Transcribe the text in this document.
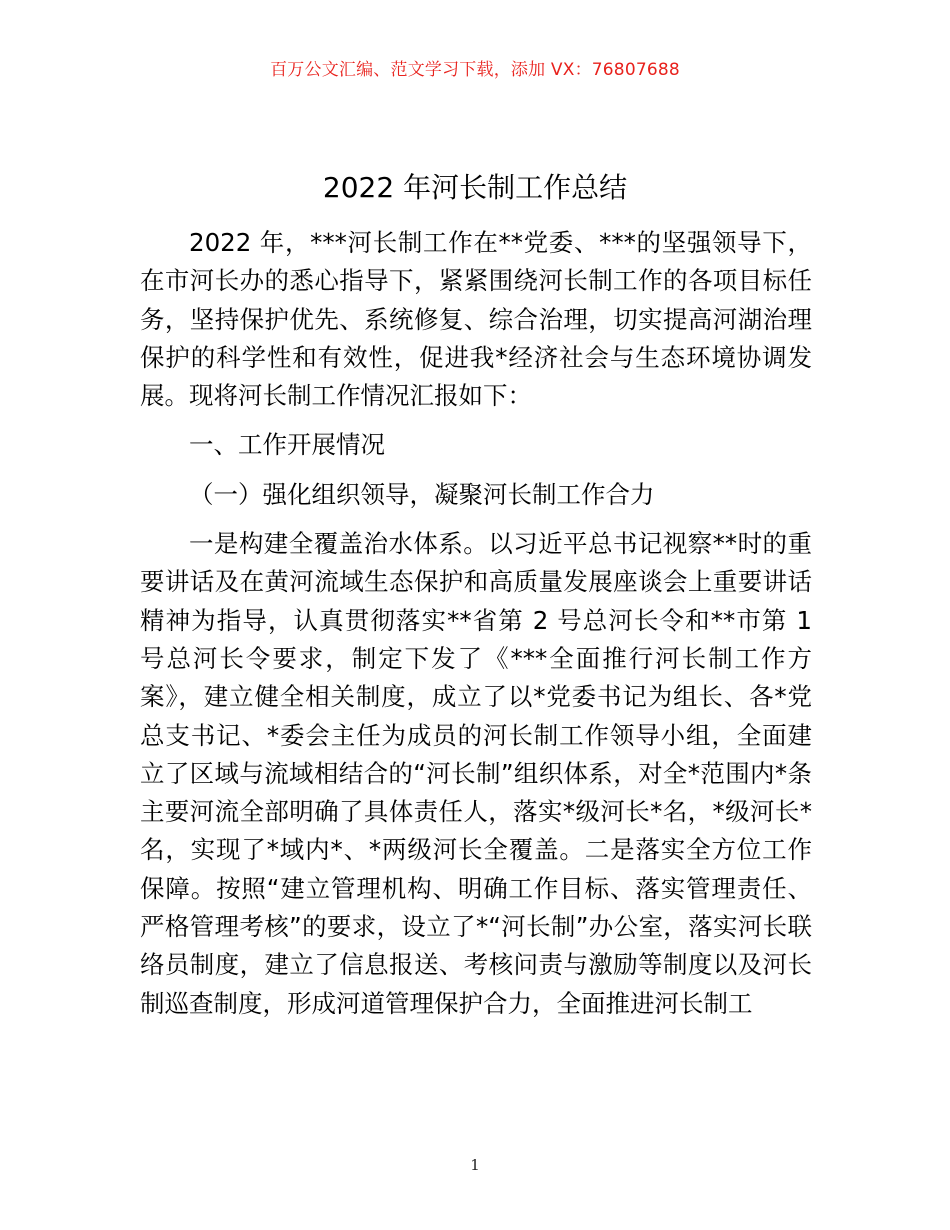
百万公文汇编、范文学习下载，添加 VX：76807688
2022 年河长制工作总结

2022 年，***河长制工作在**党委、***的坚强领导下，在市河长办的悉心指导下，紧紧围绕河长制工作的各项目标任务，坚持保护优先、系统修复、综合治理，切实提高河湖治理保护的科学性和有效性，促进我*经济社会与生态环境协调发展。现将河长制工作情况汇报如下：

一、工作开展情况

（一）强化组织领导，凝聚河长制工作合力

一是构建全覆盖治水体系。以习近平总书记视察**时的重要讲话及在黄河流域生态保护和高质量发展座谈会上重要讲话精神为指导，认真贯彻落实**省第 2 号总河长令和**市第 1 号总河长令要求，制定下发了《***全面推行河长制工作方案》，建立健全相关制度，成立了以*党委书记为组长、各*党总支书记、*委会主任为成员的河长制工作领导小组，全面建立了区域与流域相结合的“河长制”组织体系，对全*范围内*条主要河流全部明确了具体责任人，落实*级河长*名，*级河长*名，实现了*域内*、*两级河长全覆盖。二是落实全方位工作保障。按照“建立管理机构、明确工作目标、落实管理责任、严格管理考核”的要求，设立了*“河长制”办公室，落实河长联络员制度，建立了信息报送、考核问责与激励等制度以及河长制巡查制度，形成河道管理保护合力，全面推进河长制工

1
